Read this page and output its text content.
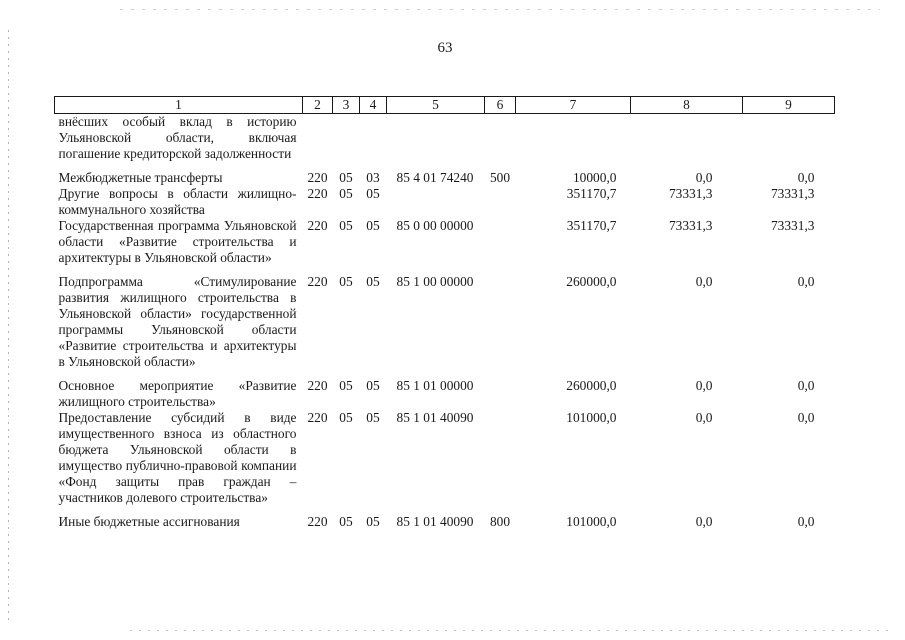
63
1	2	3	4	5	6	7	8	9
внёсших особый вклад в историю Ульяновской области, включая погашение кредиторской задолженности								
Межбюджетные трансферты	220	05	03	85 4 01 74240	500	10000,0	0,0	0,0
Другие вопросы в области жилищно-коммунального хозяйства	220	05	05			351170,7	73331,3	73331,3
Государственная программа Ульяновской области «Развитие строительства и архитектуры в Ульяновской области»	220	05	05	85 0 00 00000		351170,7	73331,3	73331,3
Подпрограмма «Стимулирование развития жилищного строительства в Ульяновской области» государственной программы Ульяновской области «Развитие строительства и архитектуры в Ульяновской области»	220	05	05	85 1 00 00000		260000,0	0,0	0,0
Основное мероприятие «Развитие жилищного строительства»	220	05	05	85 1 01 00000		260000,0	0,0	0,0
Предоставление субсидий в виде имущественного взноса из областного бюджета Ульяновской области в имущество публично-правовой компании «Фонд защиты прав граждан – участников долевого строительства»	220	05	05	85 1 01 40090		101000,0	0,0	0,0
Иные бюджетные ассигнования	220	05	05	85 1 01 40090	800	101000,0	0,0	0,0
